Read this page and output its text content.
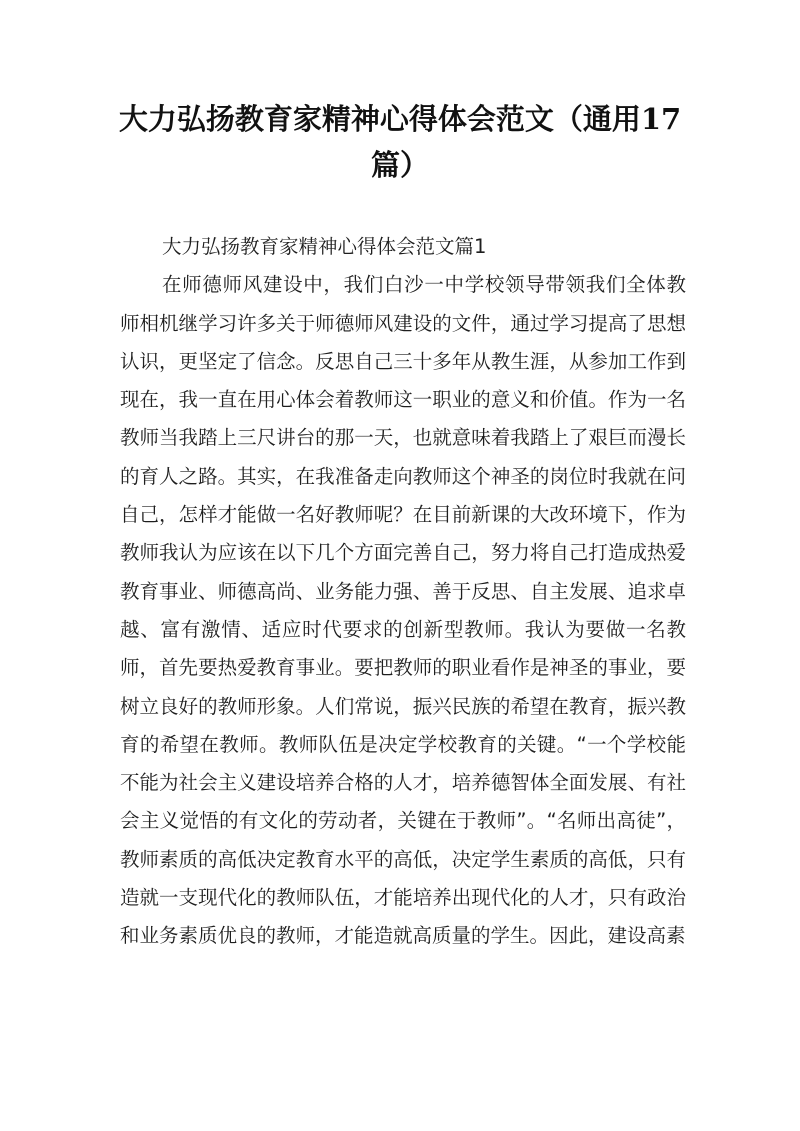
大力弘扬教育家精神心得体会范文（通用17篇）
大力弘扬教育家精神心得体会范文篇1

在师德师风建设中，我们白沙一中学校领导带领我们全体教师相机继学习许多关于师德师风建设的文件，通过学习提高了思想认识，更坚定了信念。反思自己三十多年从教生涯，从参加工作到现在，我一直在用心体会着教师这一职业的意义和价值。作为一名教师当我踏上三尺讲台的那一天，也就意味着我踏上了艰巨而漫长的育人之路。其实，在我准备走向教师这个神圣的岗位时我就在问自己，怎样才能做一名好教师呢？在目前新课的大改环境下，作为教师我认为应该在以下几个方面完善自己，努力将自己打造成热爱教育事业、师德高尚、业务能力强、善于反思、自主发展、追求卓越、富有激情、适应时代要求的创新型教师。我认为要做一名教师，首先要热爱教育事业。要把教师的职业看作是神圣的事业，要树立良好的教师形象。人们常说，振兴民族的希望在教育，振兴教育的希望在教师。教师队伍是决定学校教育的关键。“一个学校能不能为社会主义建设培养合格的人才，培养德智体全面发展、有社会主义觉悟的有文化的劳动者，关键在于教师”。“名师出高徒”，教师素质的高低决定教育水平的高低，决定学生素质的高低，只有造就一支现代化的教师队伍，才能培养出现代化的人才，只有政治和业务素质优良的教师，才能造就高质量的学生。因此，建设高素
